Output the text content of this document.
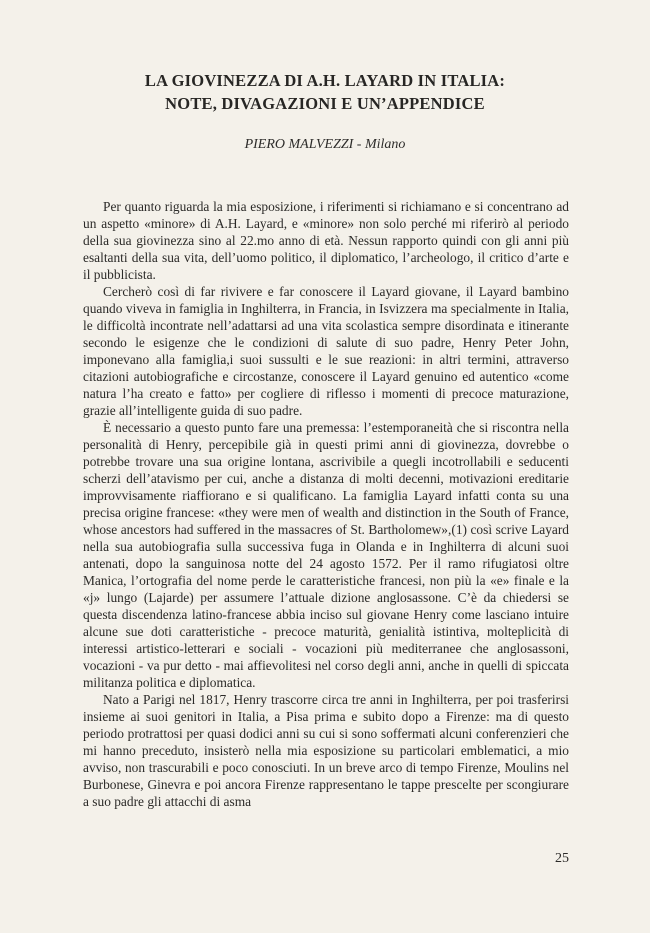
LA GIOVINEZZA DI A.H. LAYARD IN ITALIA:
NOTE, DIVAGAZIONI E UN’APPENDICE
PIERO MALVEZZI - Milano

Per quanto riguarda la mia esposizione, i riferimenti si richiamano e si concentrano ad un aspetto «minore» di A.H. Layard, e «minore» non solo perché mi riferirò al periodo della sua giovinezza sino al 22.mo anno di età. Nessun rapporto quindi con gli anni più esaltanti della sua vita, dell’uomo politico, il diplomatico, l’archeologo, il critico d’arte e il pubblicista.

Cercherò così di far rivivere e far conoscere il Layard giovane, il Layard bambino quando viveva in famiglia in Inghilterra, in Francia, in Isvizzera ma specialmente in Italia, le difficoltà incontrate nell’adattarsi ad una vita scolastica sempre disordinata e itinerante secondo le esigenze che le condizioni di salute di suo padre, Henry Peter John, imponevano alla famiglia,i suoi sussulti e le sue reazioni: in altri termini, attraverso citazioni autobiografiche e circostanze, conoscere il Layard genuino ed autentico «come natura l’ha creato e fatto» per cogliere di riflesso i momenti di precoce maturazione, grazie all’intelligente guida di suo padre.

È necessario a questo punto fare una premessa: l’estemporaneità che si riscontra nella personalità di Henry, percepibile già in questi primi anni di giovinezza, dovrebbe o potrebbe trovare una sua origine lontana, ascrivibile a quegli incotrollabili e seducenti scherzi dell’atavismo per cui, anche a distanza di molti decenni, motivazioni ereditarie improvvisamente riaffiorano e si qualificano. La famiglia Layard infatti conta su una precisa origine francese: «they were men of wealth and distinction in the South of France, whose ancestors had suffered in the massacres of St. Bartholomew»,(1) così scrive Layard nella sua autobiografia sulla successiva fuga in Olanda e in Inghilterra di alcuni suoi antenati, dopo la sanguinosa notte del 24 agosto 1572. Per il ramo rifugiatosi oltre Manica, l’ortografia del nome perde le caratteristiche francesi, non più la «e» finale e la «j» lungo (Lajarde) per assumere l’attuale dizione anglosassone. C’è da chiedersi se questa discendenza latino-francese abbia inciso sul giovane Henry come lasciano intuire alcune sue doti caratteristiche - precoce maturità, genialità istintiva, molteplicità di interessi artistico-letterari e sociali - vocazioni più mediterranee che anglosassoni, vocazioni - va pur detto - mai affievolitesi nel corso degli anni, anche in quelli di spiccata militanza politica e diplomatica.

Nato a Parigi nel 1817, Henry trascorre circa tre anni in Inghilterra, per poi trasferirsi insieme ai suoi genitori in Italia, a Pisa prima e subito dopo a Firenze: ma di questo periodo protrattosi per quasi dodici anni su cui si sono soffermati alcuni conferenzieri che mi hanno preceduto, insisterò nella mia esposizione su particolari emblematici, a mio avviso, non trascurabili e poco conosciuti. In un breve arco di tempo Firenze, Moulins nel Burbonese, Ginevra e poi ancora Firenze rappresentano le tappe prescelte per scongiurare a suo padre gli attacchi di asma

25
